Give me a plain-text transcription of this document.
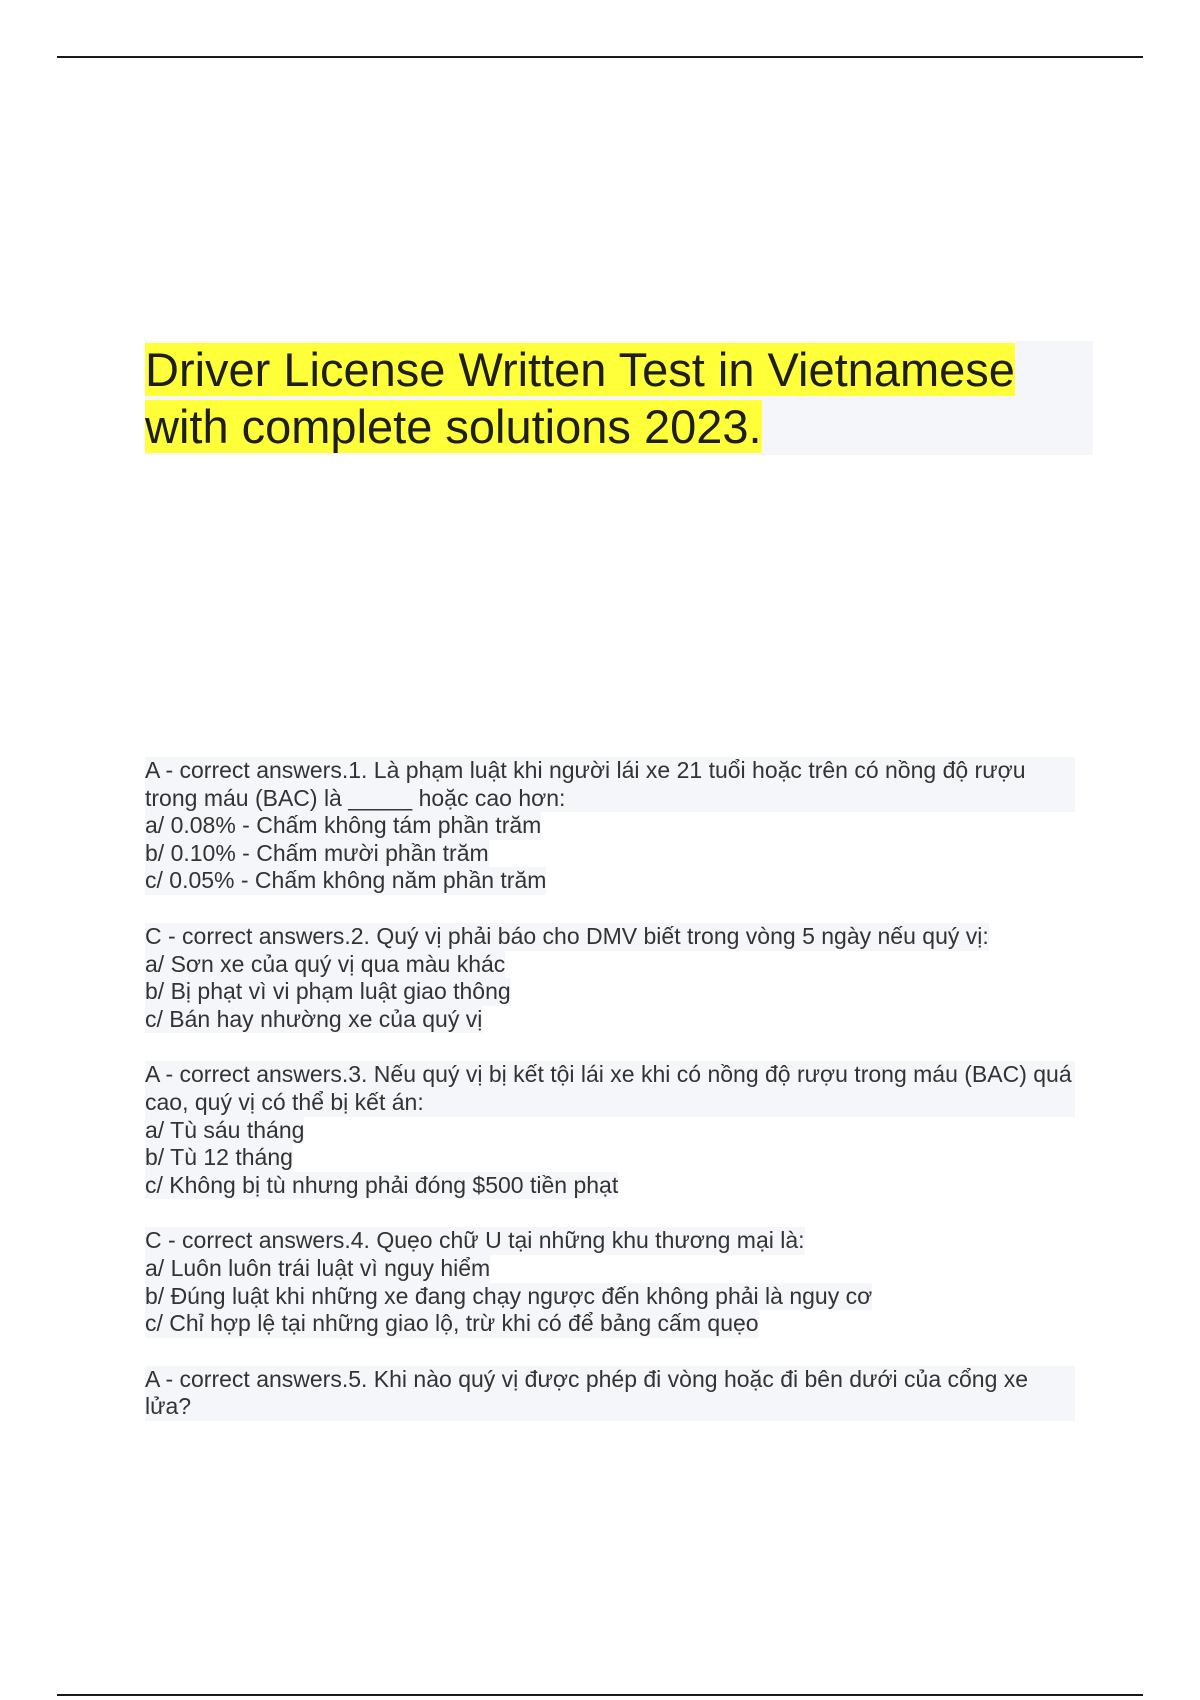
Driver License Written Test in Vietnamese with complete solutions 2023.
A - correct answers.1. Là phạm luật khi người lái xe 21 tuổi hoặc trên có nồng độ rượu trong máu (BAC) là _____ hoặc cao hơn:
a/ 0.08% - Chấm không tám phần trăm
b/ 0.10% - Chấm mười phần trăm
c/ 0.05% - Chấm không năm phần trăm
C - correct answers.2. Quý vị phải báo cho DMV biết trong vòng 5 ngày nếu quý vị:
a/ Sơn xe của quý vị qua màu khác
b/ Bị phạt vì vi phạm luật giao thông
c/ Bán hay nhường xe của quý vị
A - correct answers.3. Nếu quý vị bị kết tội lái xe khi có nồng độ rượu trong máu (BAC) quá cao, quý vị có thể bị kết án:
a/ Tù sáu tháng
b/ Tù 12 tháng
c/ Không bị tù nhưng phải đóng $500 tiền phạt
C - correct answers.4. Quẹo chữ U tại những khu thương mại là:
a/ Luôn luôn trái luật vì nguy hiểm
b/ Đúng luật khi những xe đang chạy ngược đến không phải là nguy cơ
c/ Chỉ hợp lệ tại những giao lộ, trừ khi có để bảng cấm quẹo
A - correct answers.5. Khi nào quý vị được phép đi vòng hoặc đi bên dưới của cổng xe lửa?
